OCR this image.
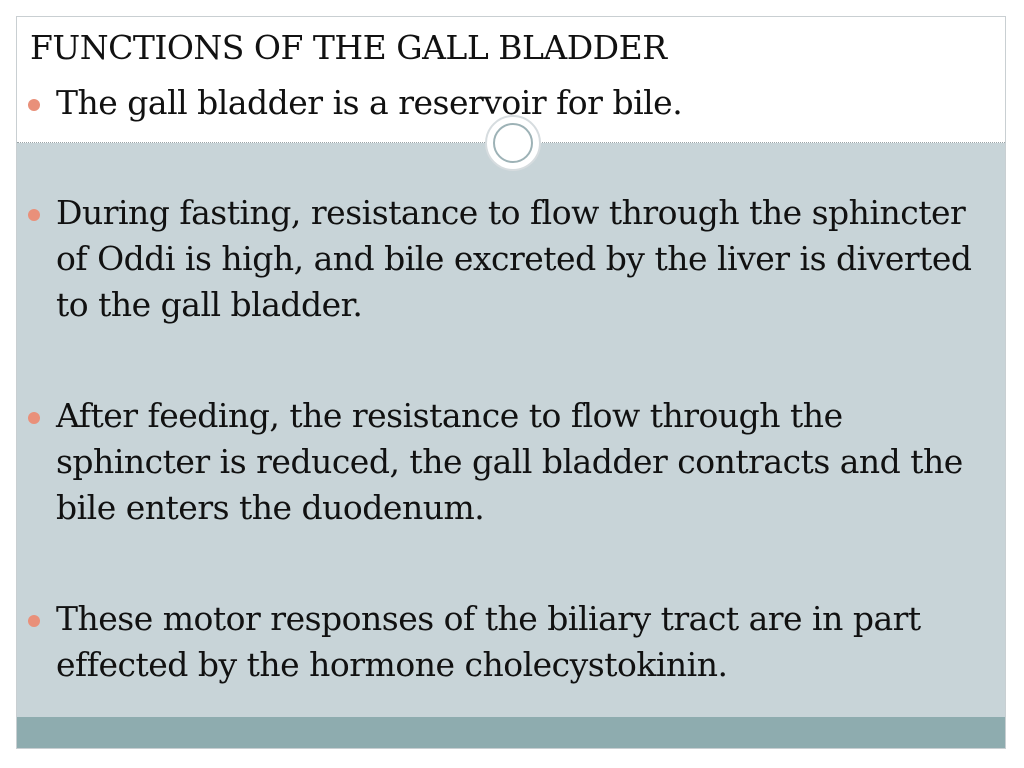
FUNCTIONS OF THE GALL BLADDER
The gall bladder is a reservoir for bile.
During fasting, resistance to flow through the sphincter of Oddi is high, and bile excreted by the liver is diverted to the gall bladder.
After feeding, the resistance to flow through the sphincter is reduced, the gall bladder contracts and the bile enters the duodenum.
These motor responses of the biliary tract are in part effected by the hormone cholecystokinin.
